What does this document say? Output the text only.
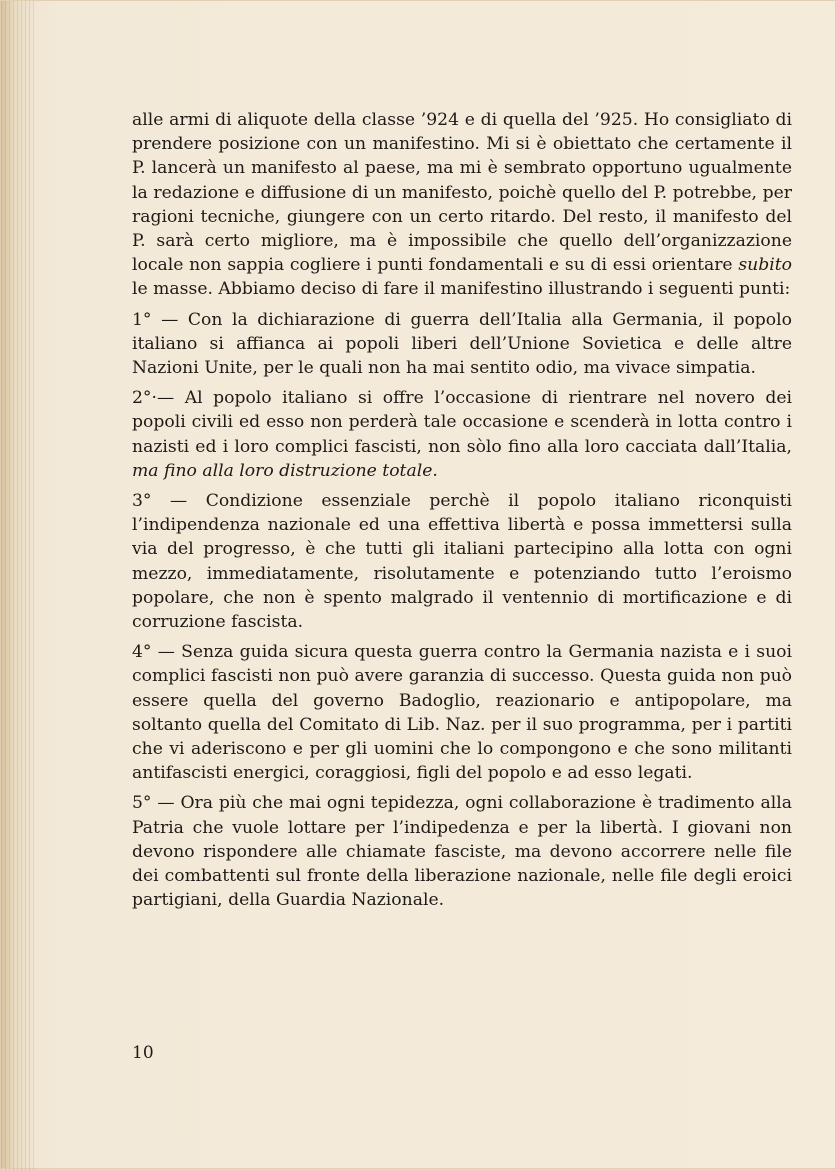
alle armi di aliquote della classe ’924 e di quella del ’925. Ho consigliato di prendere posizione con un manifestino. Mi si è obiettato che certamente il P. lancerà un manifesto al paese, ma mi è sembrato opportuno ugualmente la redazione e diffusione di un manifesto, poichè quello del P. potrebbe, per ragioni tecniche, giungere con un certo ritardo. Del resto, il manifesto del P. sarà certo migliore, ma è impossibile che quello dell’organizzazione locale non sappia cogliere i punti fondamentali e su di essi orientare subito le masse. Abbiamo deciso di fare il manifestino illustrando i seguenti punti:

1° — Con la dichiarazione di guerra dell’Italia alla Germania, il popolo italiano si affianca ai popoli liberi dell’Unione Sovietica e delle altre Nazioni Unite, per le quali non ha mai sentito odio, ma vivace simpatia.

2°·— Al popolo italiano si offre l’occasione di rientrare nel novero dei popoli civili ed esso non perderà tale occasione e scenderà in lotta contro i nazisti ed i loro complici fascisti, non sòlo fino alla loro cacciata dall’Italia, ma fino alla loro distruzione totale.

3° — Condizione essenziale perchè il popolo italiano riconquisti l’indipendenza nazionale ed una effettiva libertà e possa immettersi sulla via del progresso, è che tutti gli italiani partecipino alla lotta con ogni mezzo, immediatamente, risolutamente e potenziando tutto l’eroismo popolare, che non è spento malgrado il ventennio di mortificazione e di corruzione fascista.

4° — Senza guida sicura questa guerra contro la Germania nazista e i suoi complici fascisti non può avere garanzia di successo. Questa guida non può essere quella del governo Badoglio, reazionario e antipopolare, ma soltanto quella del Comitato di Lib. Naz. per il suo programma, per i partiti che vi aderiscono e per gli uomini che lo compongono e che sono militanti antifascisti energici, coraggiosi, figli del popolo e ad esso legati.

5° — Ora più che mai ogni tepidezza, ogni collaborazione è tradimento alla Patria che vuole lottare per l’indipedenza e per la libertà. I giovani non devono rispondere alle chiamate fasciste, ma devono accorrere nelle file dei combattenti sul fronte della liberazione nazionale, nelle file degli eroici partigiani, della Guardia Nazionale.

10
